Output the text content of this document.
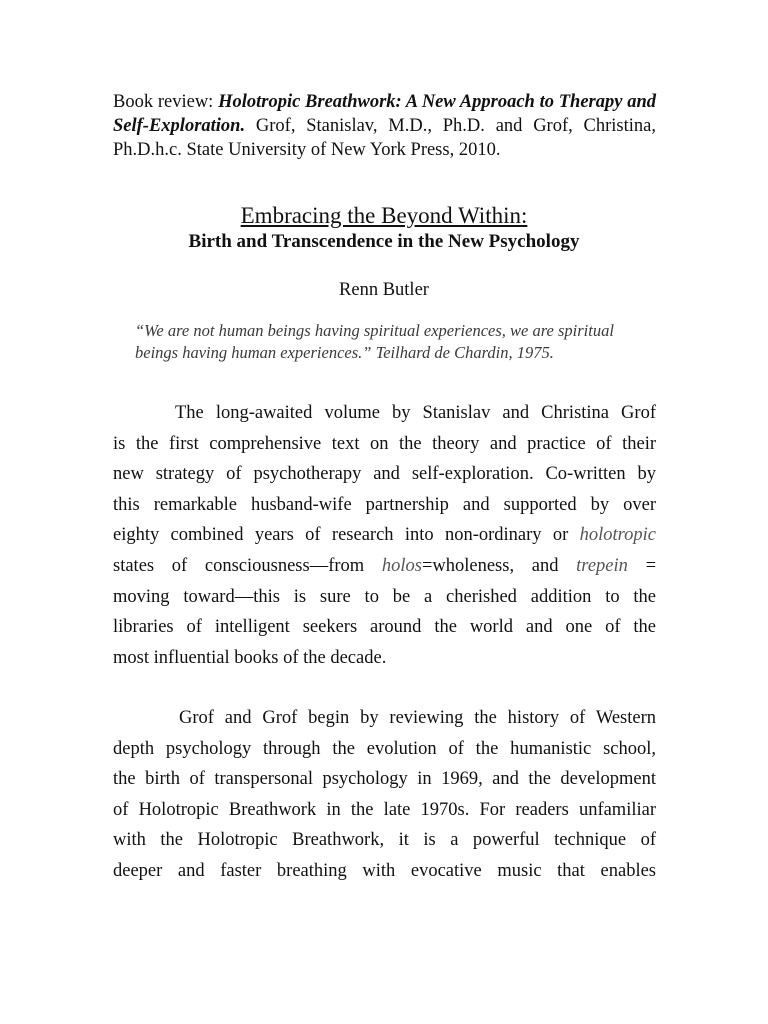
Book review: Holotropic Breathwork: A New Approach to Therapy and Self-Exploration. Grof, Stanislav, M.D., Ph.D. and Grof, Christina, Ph.D.h.c. State University of New York Press, 2010.
Embracing the Beyond Within:
Birth and Transcendence in the New Psychology
Renn Butler
“We are not human beings having spiritual experiences, we are spiritual
beings having human experiences.” Teilhard de Chardin, 1975.
The long-awaited volume by Stanislav and Christina Grof
is the first comprehensive text on the theory and practice of their
new strategy of psychotherapy and self-exploration. Co-written by
this remarkable husband-wife partnership and supported by over
eighty combined years of research into non-ordinary or holotropic
states of consciousness—from holos=wholeness, and trepein =
moving toward—this is sure to be a cherished addition to the
libraries of intelligent seekers around the world and one of the
most influential books of the decade.
Grof and Grof begin by reviewing the history of Western
depth psychology through the evolution of the humanistic school,
the birth of transpersonal psychology in 1969, and the development
of Holotropic Breathwork in the late 1970s. For readers unfamiliar
with the Holotropic Breathwork, it is a powerful technique of
deeper and faster breathing with evocative music that enables
